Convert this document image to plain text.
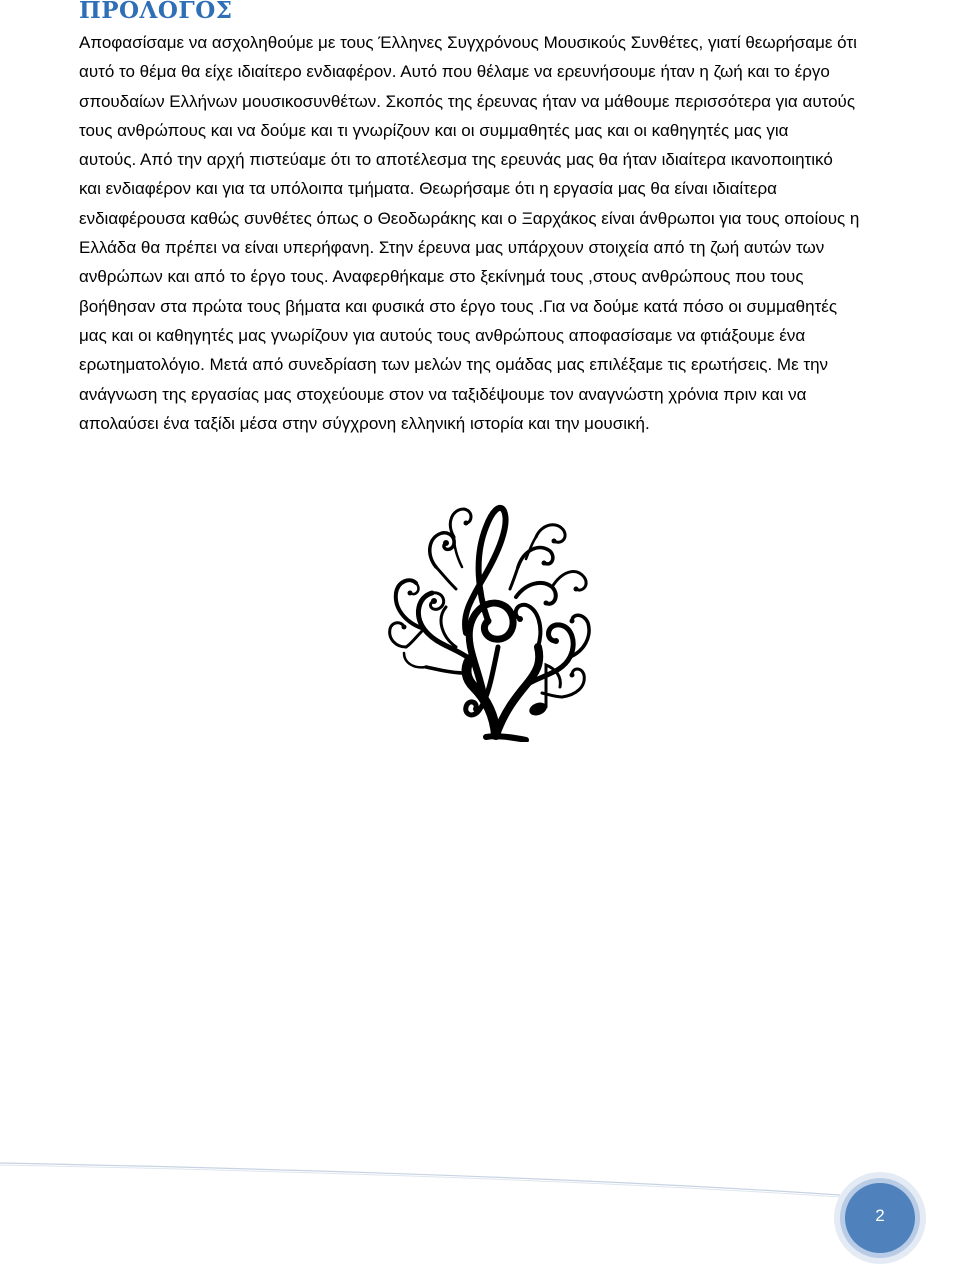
ΠΡΟΛΟΓΟΣ
Αποφασίσαμε να ασχοληθούμε με τους Έλληνες Συγχρόνους Μουσικούς Συνθέτες, γιατί θεωρήσαμε ότι
αυτό το θέμα θα είχε ιδιαίτερο ενδιαφέρον. Αυτό που θέλαμε να ερευνήσουμε ήταν η ζωή και το έργο
σπουδαίων Ελλήνων μουσικοσυνθέτων. Σκοπός της έρευνας ήταν να μάθουμε περισσότερα για αυτούς
τους ανθρώπους και να δούμε και τι γνωρίζουν και οι συμμαθητές μας και οι καθηγητές μας για
αυτούς. Από την αρχή πιστεύαμε ότι το αποτέλεσμα της ερευνάς μας θα ήταν ιδιαίτερα ικανοποιητικό
και ενδιαφέρον και για τα υπόλοιπα τμήματα. Θεωρήσαμε ότι η εργασία μας θα είναι ιδιαίτερα
ενδιαφέρουσα καθώς συνθέτες όπως ο Θεοδωράκης και ο Ξαρχάκος είναι άνθρωποι για τους οποίους η
Ελλάδα θα πρέπει να είναι υπερήφανη. Στην έρευνα μας υπάρχουν στοιχεία από τη ζωή αυτών των
ανθρώπων και από το έργο τους. Αναφερθήκαμε στο ξεκίνημά τους ,στους ανθρώπους που τους
βοήθησαν στα πρώτα τους βήματα και φυσικά στο έργο τους .Για να δούμε κατά πόσο οι συμμαθητές
μας και οι καθηγητές μας γνωρίζουν για αυτούς τους ανθρώπους αποφασίσαμε να φτιάξουμε ένα
ερωτηματολόγιο. Μετά από συνεδρίαση των μελών της ομάδας μας επιλέξαμε τις ερωτήσεις. Με την
ανάγνωση της εργασίας μας στοχεύουμε στον να ταξιδέψουμε τον αναγνώστη χρόνια πριν και να
απολαύσει ένα ταξίδι μέσα στην σύγχρονη ελληνική ιστορία και την μουσική.
2
